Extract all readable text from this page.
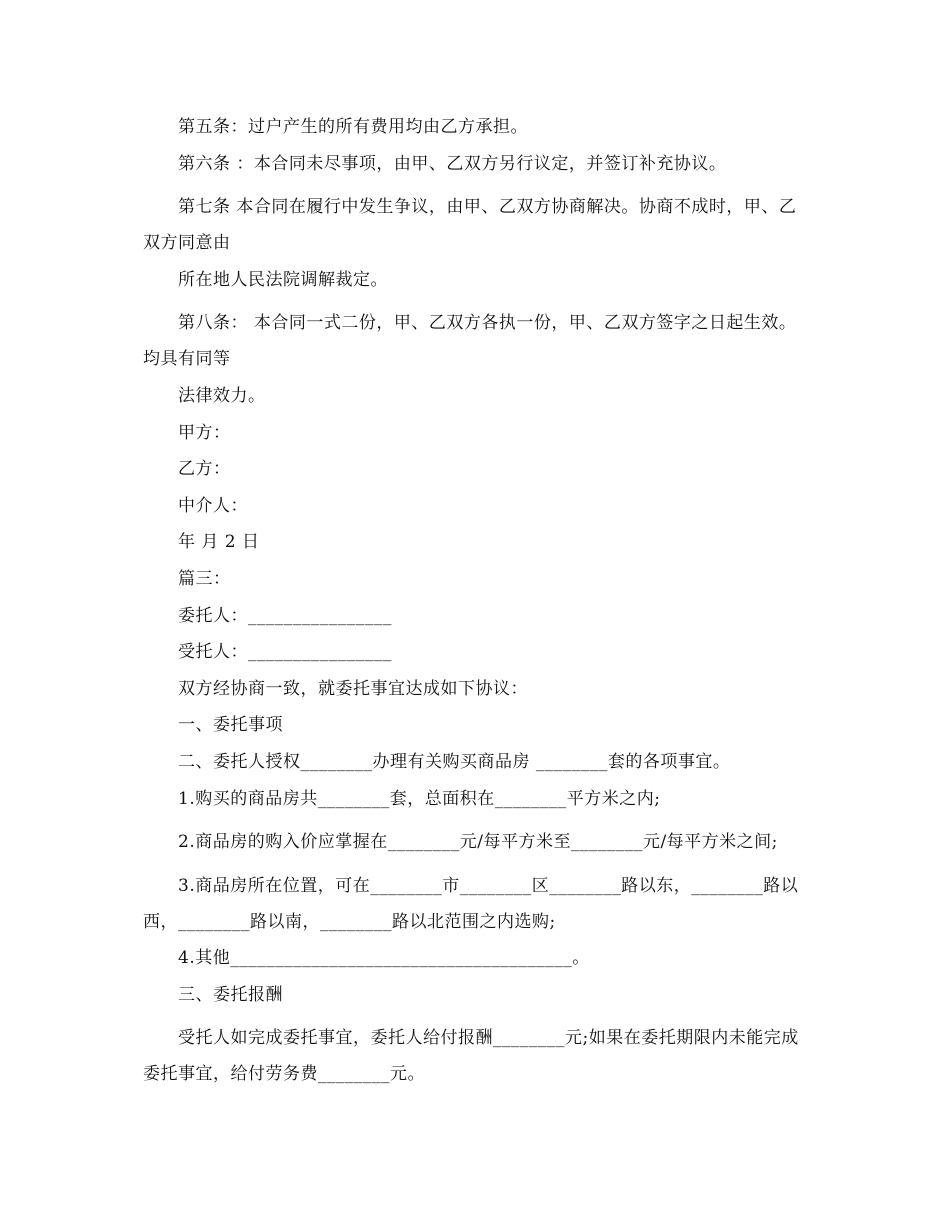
第五条：过户产生的所有费用均由乙方承担。

第六条 ：本合同未尽事项，由甲、乙双方另行议定，并签订补充协议。

第七条 本合同在履行中发生争议，由甲、乙双方协商解决。协商不成时，甲、乙双方同意由

所在地人民法院调解裁定。

第八条： 本合同一式二份，甲、乙双方各执一份，甲、乙双方签字之日起生效。均具有同等

法律效力。

甲方：

乙方：

中介人：

年 月 2 日

篇三：

委托人：________________

受托人：________________

双方经协商一致，就委托事宜达成如下协议：

一、委托事项

二、委托人授权________办理有关购买商品房 ________套的各项事宜。

1.购买的商品房共________套，总面积在________平方米之内;

2.商品房的购入价应掌握在________元/每平方米至________元/每平方米之间;

3.商品房所在位置，可在________市________区________路以东，________路以西，________路以南，________路以北范围之内选购;

4.其他______________________________________。

三、委托报酬

受托人如完成委托事宜，委托人给付报酬________元;如果在委托期限内未能完成委托事宜，给付劳务费________元。
